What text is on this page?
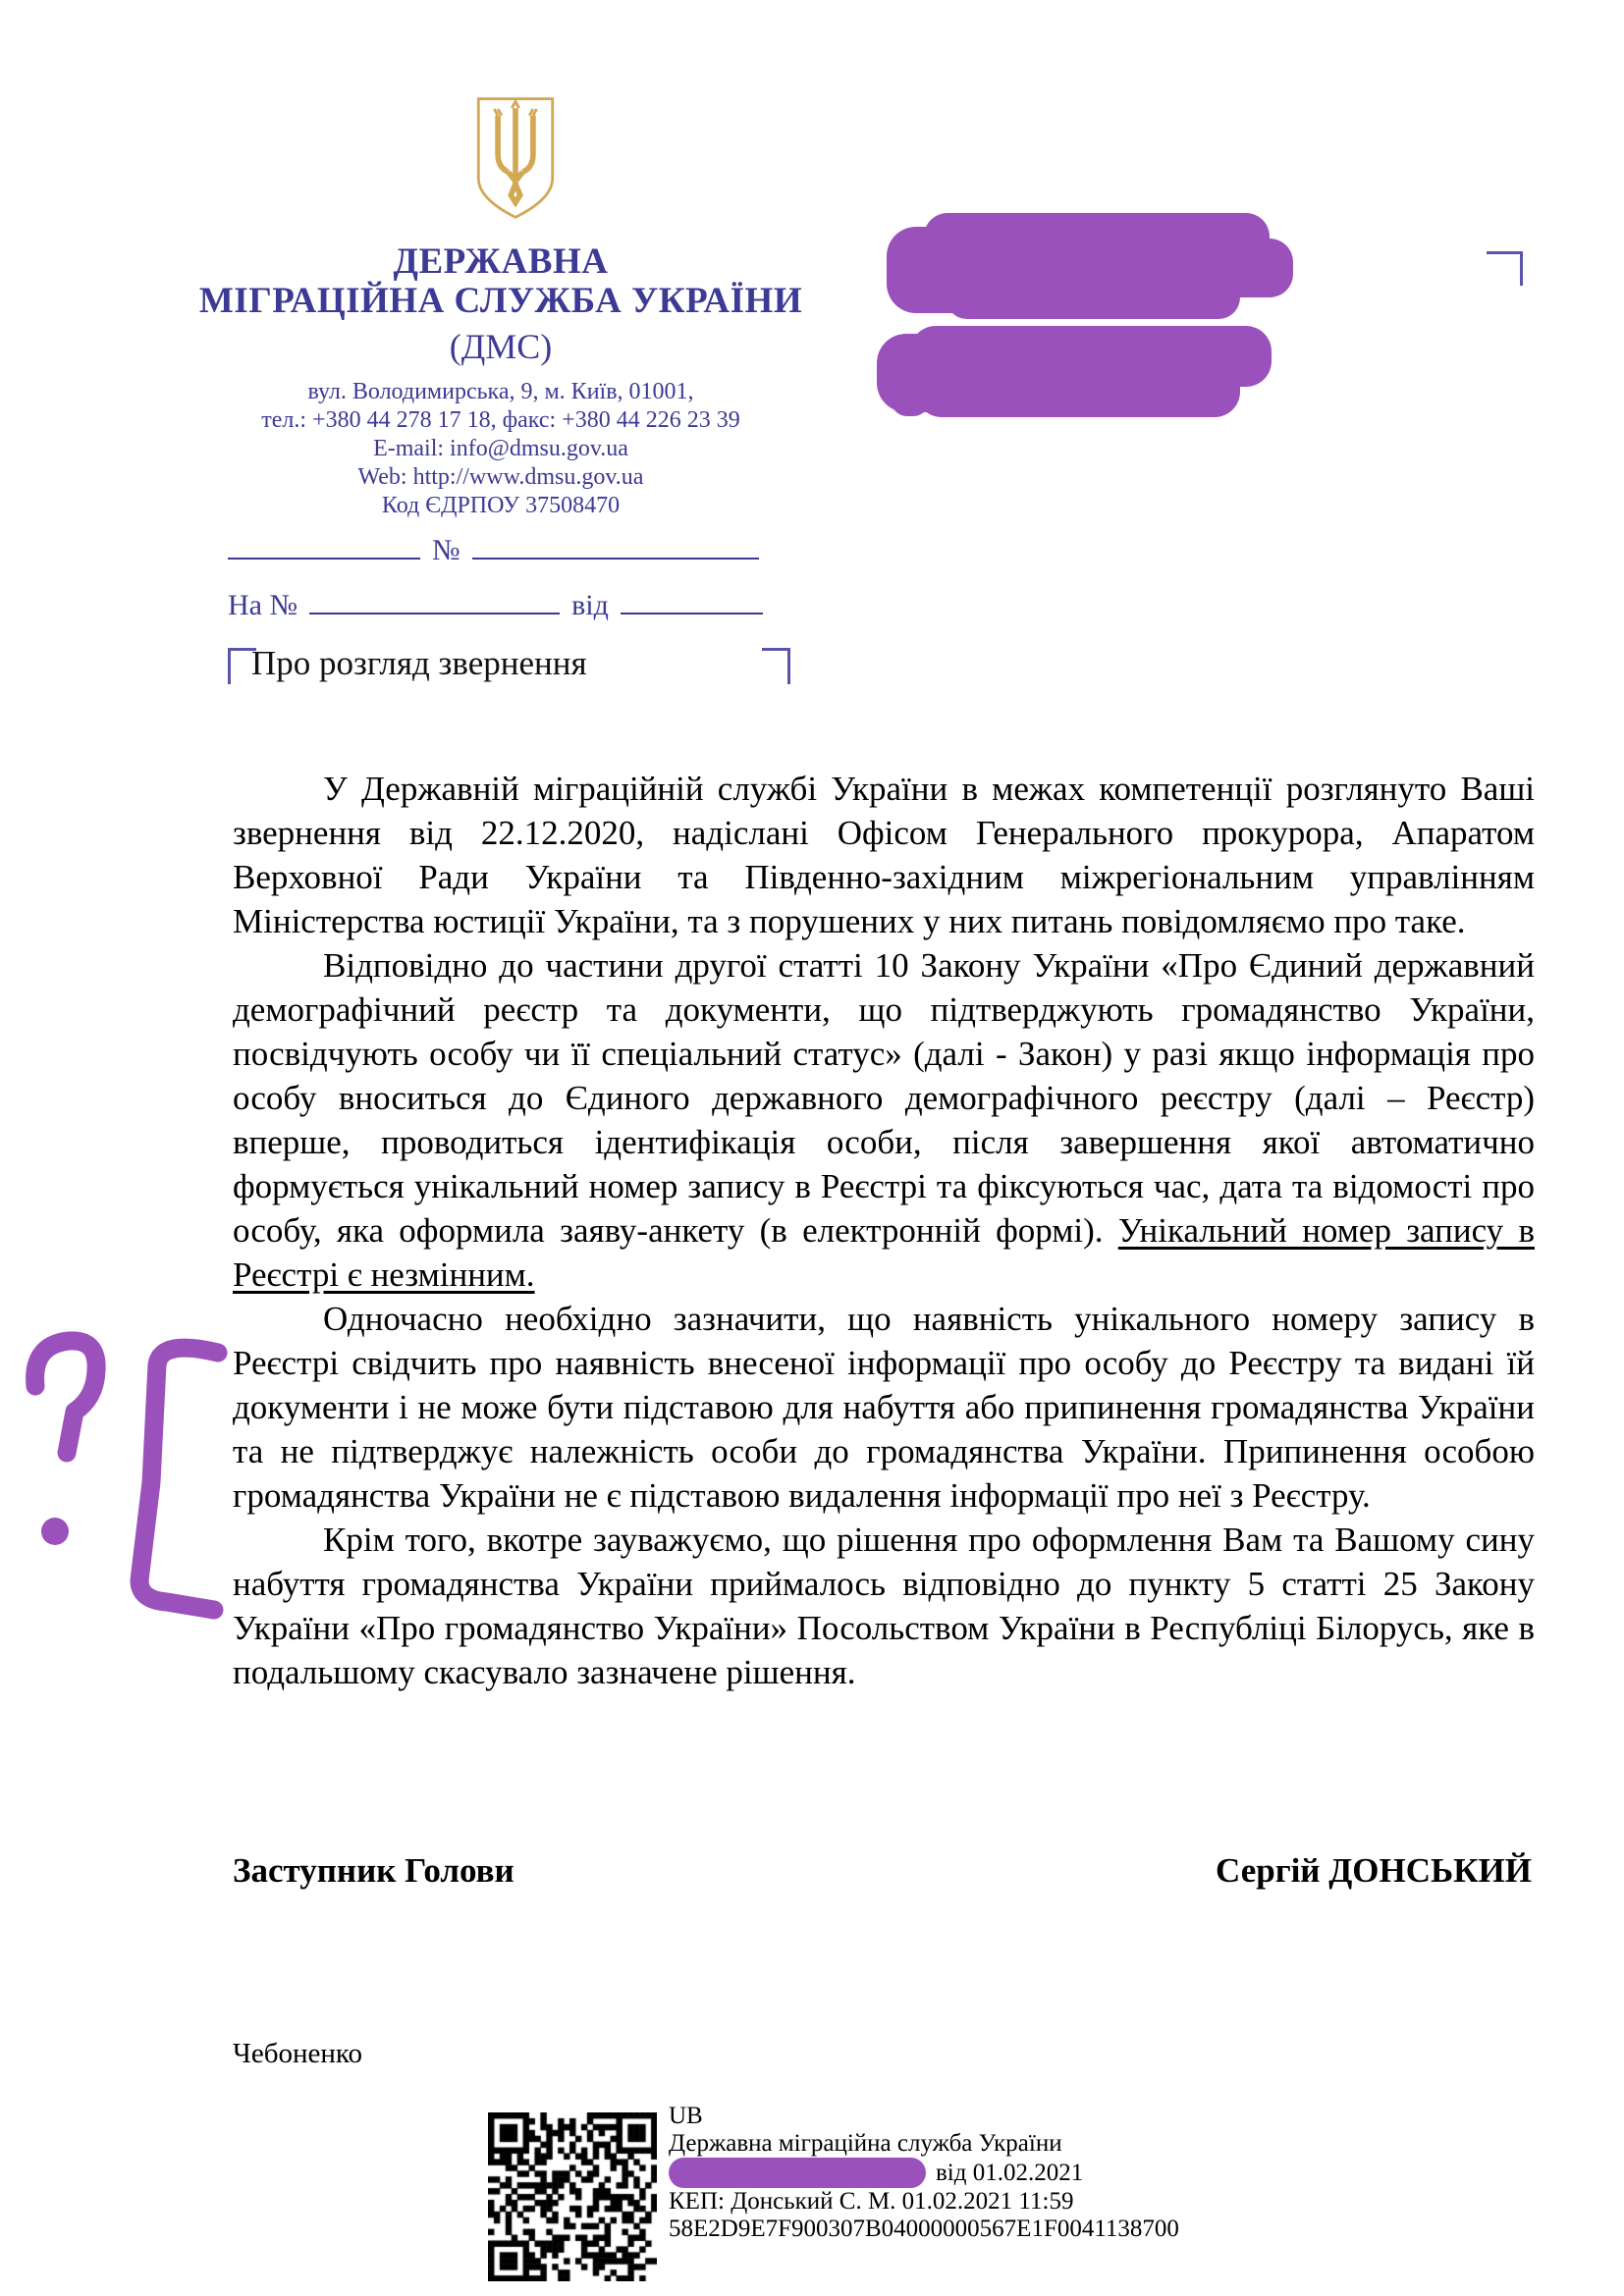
ДЕРЖАВНА
МІГРАЦІЙНА СЛУЖБА УКРАЇНИ
(ДМС)
вул. Володимирська, 9, м. Київ, 01001,
тел.: +380 44 278 17 18, факс: +380 44 226 23 39
E-mail: info@dmsu.gov.ua
Web: http://www.dmsu.gov.ua
Код ЄДРПОУ 37508470
№
На №	від
Про розгляд звернення

У Державній міграційній службі України в межах компетенції розглянуто Ваші звернення від 22.12.2020, надіслані Офісом Генерального прокурора, Апаратом Верховної Ради України та Південно-західним міжрегіональним управлінням Міністерства юстиції України, та з порушених у них питань повідомляємо про таке.

Відповідно до частини другої статті 10 Закону України «Про Єдиний державний демографічний реєстр та документи, що підтверджують громадянство України, посвідчують особу чи її спеціальний статус» (далі - Закон) у разі якщо інформація про особу вноситься до Єдиного державного демографічного реєстру (далі – Реєстр) вперше, проводиться ідентифікація особи, після завершення якої автоматично формується унікальний номер запису в Реєстрі та фіксуються час, дата та відомості про особу, яка оформила заяву-анкету (в електронній формі). Унікальний номер запису в Реєстрі є незмінним.

Одночасно необхідно зазначити, що наявність унікального номеру запису в Реєстрі свідчить про наявність внесеної інформації про особу до Реєстру та видані їй документи і не може бути підставою для набуття або припинення громадянства України та не підтверджує належність особи до громадянства України. Припинення особою громадянства України не є підставою видалення інформації про неї з Реєстру.

Крім того, вкотре зауважуємо, що рішення про оформлення Вам та Вашому сину набуття громадянства України приймалось відповідно до пункту 5 статті 25 Закону України «Про громадянство України» Посольством України в Республіці Білорусь, яке в подальшому скасувало зазначене рішення.

Заступник Голови	Сергій ДОНСЬКИЙ
Чебоненко
UB
Державна міграційна служба України
від 01.02.2021
КЕП: Донський С. М. 01.02.2021 11:59
58E2D9E7F900307B04000000567E1F0041138700
